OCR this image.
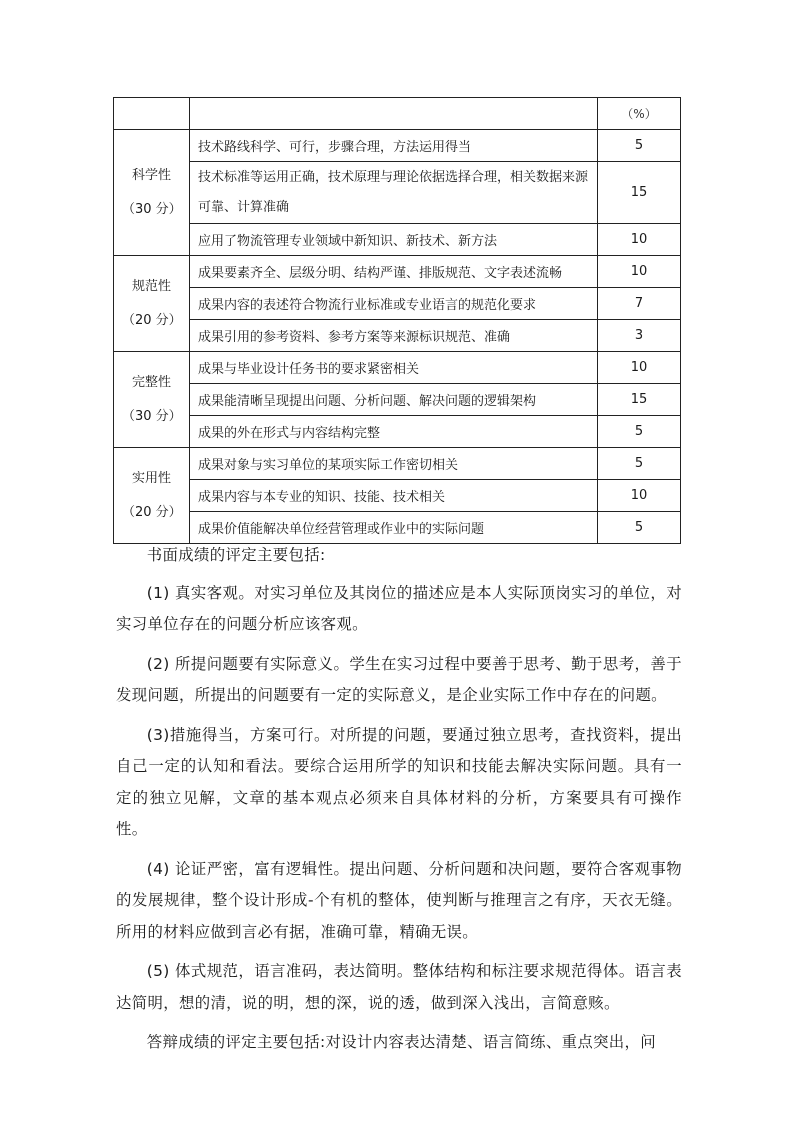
		（%）

科学性
（30 分）	技术路线科学、可行，步骤合理，方法运用得当	5
	技术标准等运用正确，技术原理与理论依据选择合理，相关数据来源可靠、计算准确	15
	应用了物流管理专业领域中新知识、新技术、新方法	10

规范性
（20 分）	成果要素齐全、层级分明、结构严谨、排版规范、文字表述流畅	10
	成果内容的表述符合物流行业标准或专业语言的规范化要求	7
	成果引用的参考资料、参考方案等来源标识规范、准确	3

完整性
（30 分）	成果与毕业设计任务书的要求紧密相关	10
	成果能清晰呈现提出问题、分析问题、解决问题的逻辑架构	15
	成果的外在形式与内容结构完整	5

实用性
（20 分）	成果对象与实习单位的某项实际工作密切相关	5
	成果内容与本专业的知识、技能、技术相关	10
	成果价值能解决单位经营管理或作业中的实际问题	5

书面成绩的评定主要包括:

(1) 真实客观。对实习单位及其岗位的描述应是本人实际顶岗实习的单位，对实习单位存在的问题分析应该客观。

(2) 所提问题要有实际意义。学生在实习过程中要善于思考、勤于思考，善于发现问题，所提出的问题要有一定的实际意义，是企业实际工作中存在的问题。

(3)措施得当，方案可行。对所提的问题，要通过独立思考，查找资料，提出自己一定的认知和看法。要综合运用所学的知识和技能去解决实际问题。具有一定的独立见解，文章的基本观点必须来自具体材料的分析，方案要具有可操作性。

(4) 论证严密，富有逻辑性。提出问题、分析问题和决问题，要符合客观事物的发展规律，整个设计形成-个有机的整体，使判断与推理言之有序，天衣无缝。所用的材料应做到言必有据，准确可靠，精确无误。

(5) 体式规范，语言准码，表达简明。整体结构和标注要求规范得体。语言表达简明，想的清，说的明，想的深，说的透，做到深入浅出，言简意赅。

答辩成绩的评定主要包括:对设计内容表达清楚、语言简练、重点突出，问
